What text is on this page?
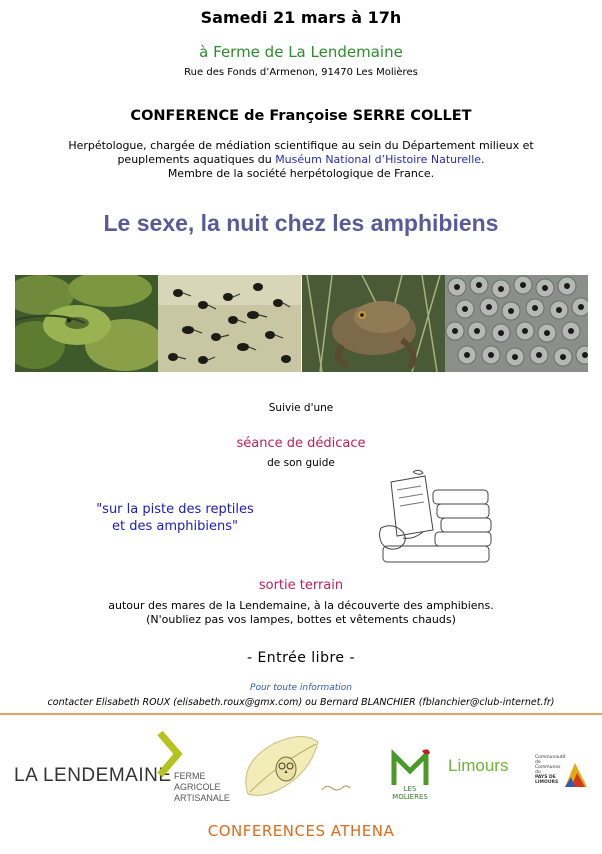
Samedi 21 mars à 17h
à Ferme de La Lendemaine
Rue des Fonds d’Armenon, 91470 Les Molières
CONFERENCE de Françoise SERRE COLLET
Herpétologue, chargée de médiation scientifique au sein du Département milieux et
peuplements aquatiques du Muséum National d’Histoire Naturelle.
Membre de la société herpétologique de France.
Le sexe, la nuit chez les amphibiens
Suivie d'une
séance de dédicace
de son guide
"sur la piste des reptiles
et des amphibiens"
sortie terrain
autour des mares de la Lendemaine, à la découverte des amphibiens.
(N'oubliez pas vos lampes, bottes et vêtements chauds)
- Entrée libre -
Pour toute information
contacter Elisabeth ROUX (elisabeth.roux@gmx.com) ou Bernard BLANCHIER (fblanchier@club-internet.fr)
LA LENDEMAINE FERME
AGRICOLE
ARTISANALE
LES MOLIERES
Limours	Communauté de
Communes du
PAYS DE
LIMOURS
CONFERENCES ATHENA
